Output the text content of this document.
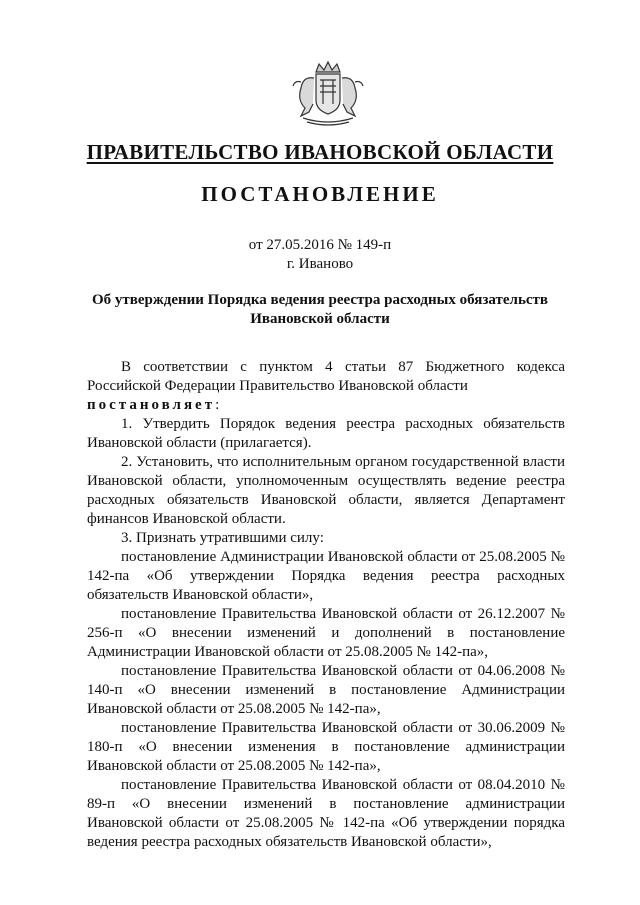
ПРАВИТЕЛЬСТВО ИВАНОВСКОЙ ОБЛАСТИ
ПОСТАНОВЛЕНИЕ
от 27.05.2016 № 149-п
г. Иваново
Об утверждении Порядка ведения реестра расходных обязательств
Ивановской области

В соответствии с пунктом 4 статьи 87 Бюджетного кодекса Российской Федерации Правительство Ивановской области

постановляет:

1. Утвердить Порядок ведения реестра расходных обязательств Ивановской области (прилагается).

2. Установить, что исполнительным органом государственной власти Ивановской области, уполномоченным осуществлять ведение реестра расходных обязательств Ивановской области, является Департамент финансов Ивановской области.

3. Признать утратившими силу:

постановление Администрации Ивановской области от 25.08.2005 № 142-па «Об утверждении Порядка ведения реестра расходных обязательств Ивановской области»,

постановление Правительства Ивановской области от 26.12.2007 № 256-п «О внесении изменений и дополнений в постановление Администрации Ивановской области от 25.08.2005 № 142-па»,

постановление Правительства Ивановской области от 04.06.2008 № 140-п «О внесении изменений в постановление Администрации Ивановской области от 25.08.2005 № 142-па»,

постановление Правительства Ивановской области от 30.06.2009 № 180-п «О внесении изменения в постановление администрации Ивановской области от 25.08.2005 № 142-па»,

постановление Правительства Ивановской области от 08.04.2010 № 89-п «О внесении изменений в постановление администрации Ивановской области от 25.08.2005 № 142-па «Об утверждении порядка ведения реестра расходных обязательств Ивановской области»,
